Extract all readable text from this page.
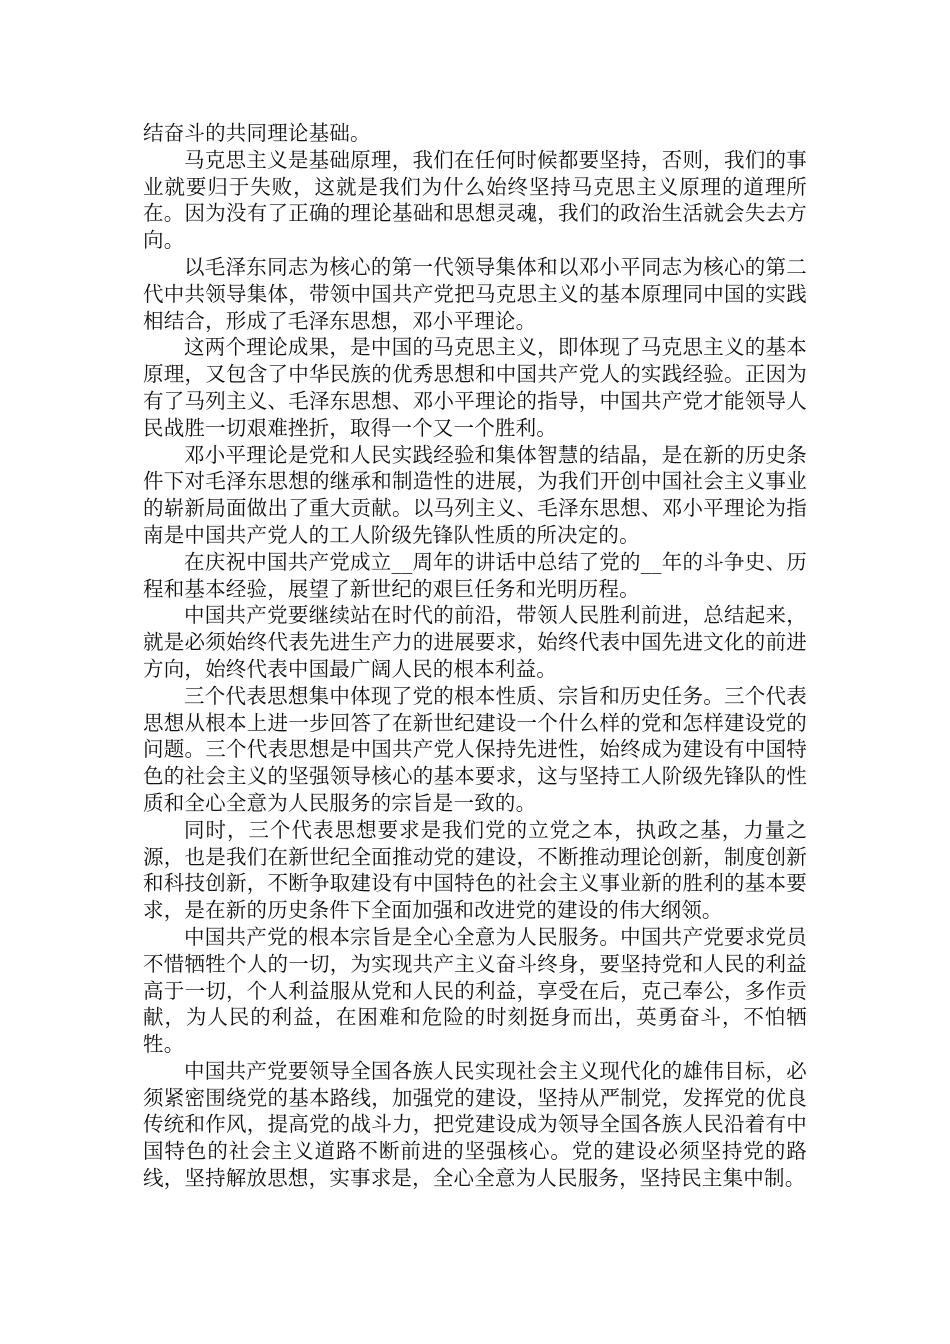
结奋斗的共同理论基础。

马克思主义是基础原理，我们在任何时候都要坚持，否则，我们的事业就要归于失败，这就是我们为什么始终坚持马克思主义原理的道理所在。因为没有了正确的理论基础和思想灵魂，我们的政治生活就会失去方向。

以毛泽东同志为核心的第一代领导集体和以邓小平同志为核心的第二代中共领导集体，带领中国共产党把马克思主义的基本原理同中国的实践相结合，形成了毛泽东思想，邓小平理论。

这两个理论成果，是中国的马克思主义，即体现了马克思主义的基本原理，又包含了中华民族的优秀思想和中国共产党人的实践经验。正因为有了马列主义、毛泽东思想、邓小平理论的指导，中国共产党才能领导人民战胜一切艰难挫折，取得一个又一个胜利。

邓小平理论是党和人民实践经验和集体智慧的结晶，是在新的历史条件下对毛泽东思想的继承和制造性的进展，为我们开创中国社会主义事业的崭新局面做出了重大贡献。以马列主义、毛泽东思想、邓小平理论为指南是中国共产党人的工人阶级先锋队性质的所决定的。

在庆祝中国共产党成立__周年的讲话中总结了党的__年的斗争史、历程和基本经验，展望了新世纪的艰巨任务和光明历程。

中国共产党要继续站在时代的前沿，带领人民胜利前进，总结起来，就是必须始终代表先进生产力的进展要求，始终代表中国先进文化的前进方向，始终代表中国最广阔人民的根本利益。

三个代表思想集中体现了党的根本性质、宗旨和历史任务。三个代表思想从根本上进一步回答了在新世纪建设一个什么样的党和怎样建设党的问题。三个代表思想是中国共产党人保持先进性，始终成为建设有中国特色的社会主义的坚强领导核心的基本要求，这与坚持工人阶级先锋队的性质和全心全意为人民服务的宗旨是一致的。

同时，三个代表思想要求是我们党的立党之本，执政之基，力量之源，也是我们在新世纪全面推动党的建设，不断推动理论创新，制度创新和科技创新，不断争取建设有中国特色的社会主义事业新的胜利的基本要求，是在新的历史条件下全面加强和改进党的建设的伟大纲领。

中国共产党的根本宗旨是全心全意为人民服务。中国共产党要求党员不惜牺牲个人的一切，为实现共产主义奋斗终身，要坚持党和人民的利益高于一切，个人利益服从党和人民的利益，享受在后，克己奉公，多作贡献，为人民的利益，在困难和危险的时刻挺身而出，英勇奋斗，不怕牺牲。

中国共产党要领导全国各族人民实现社会主义现代化的雄伟目标，必须紧密围绕党的基本路线，加强党的建设，坚持从严制党，发挥党的优良传统和作风，提高党的战斗力，把党建设成为领导全国各族人民沿着有中国特色的社会主义道路不断前进的坚强核心。党的建设必须坚持党的路线，坚持解放思想，实事求是，全心全意为人民服务，坚持民主集中制。
